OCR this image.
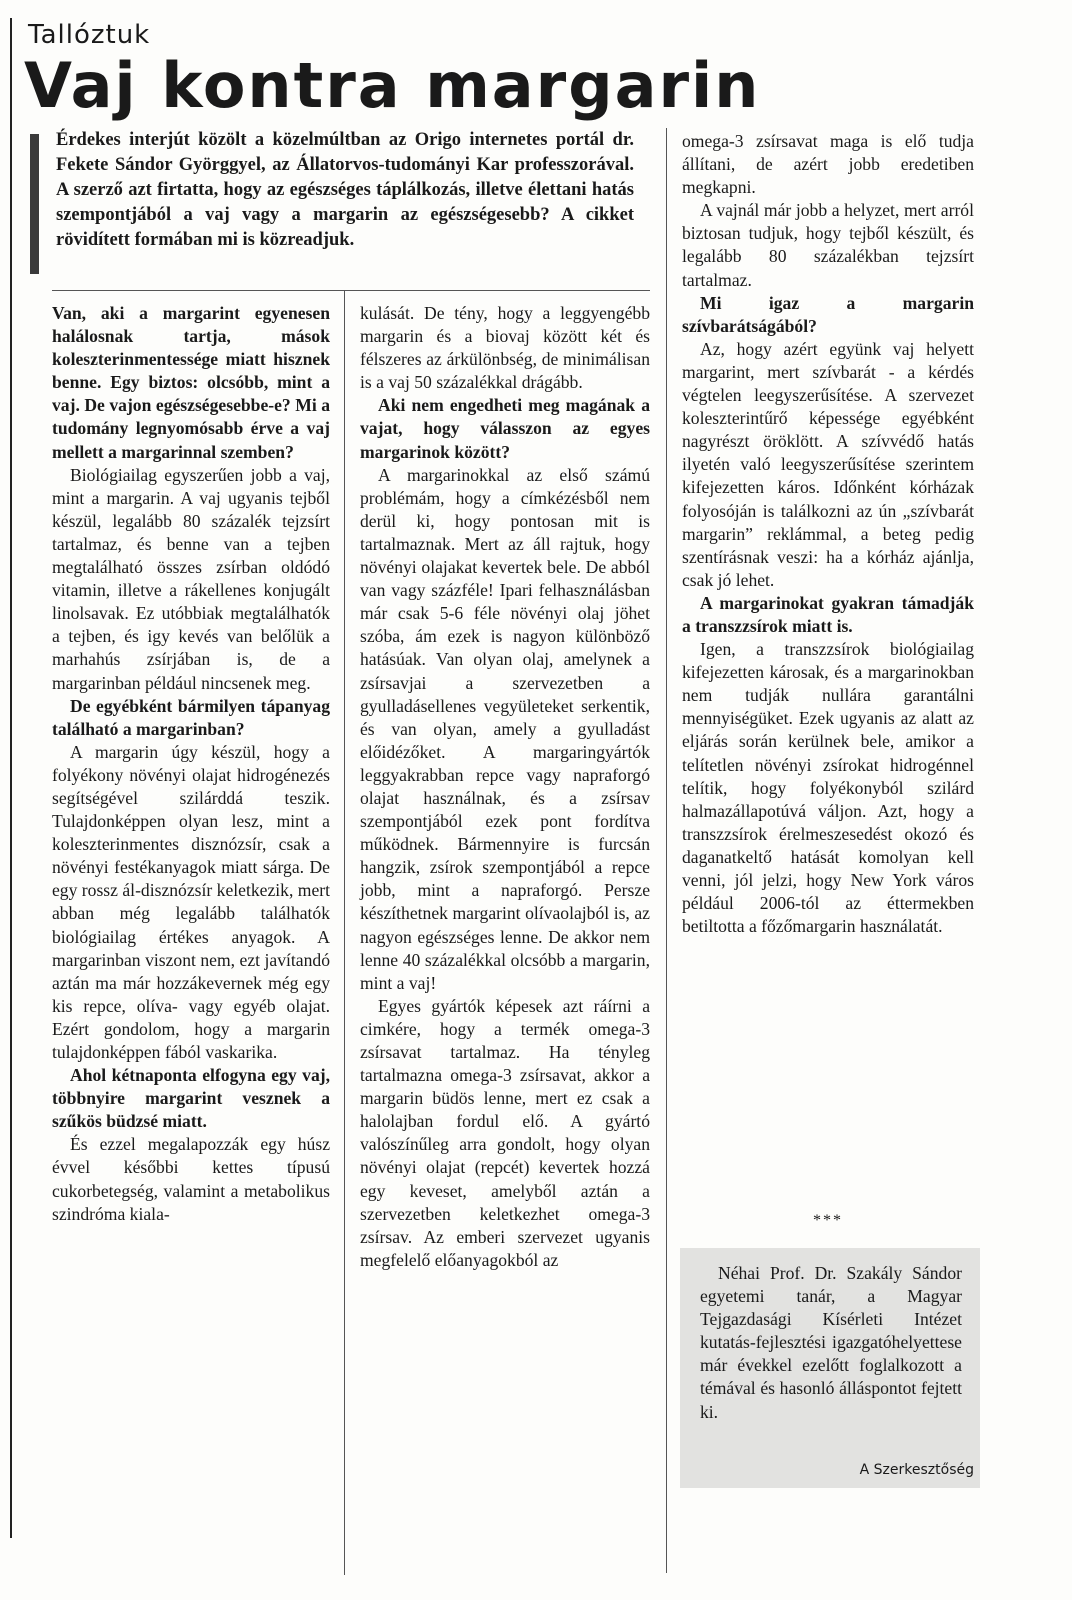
Tallóztuk
Vaj kontra margarin

Érdekes interjút közölt a közelmúltban az Origo internetes portál dr. Fekete Sándor Györggyel, az Állatorvos-tudományi Kar professzorával. A szerző azt firtatta, hogy az egészséges táplálkozás, illetve élettani hatás szempontjából a vaj vagy a margarin az egészségesebb? A cikket rövidített formában mi is közreadjuk.

Van, aki a margarint egyenesen halálosnak tartja, mások koleszterinmentessége miatt hisznek benne. Egy biztos: olcsóbb, mint a vaj. De vajon egészségesebbe-e? Mi a tudomány legnyomósabb érve a vaj mellett a margarinnal szemben?

Biológiailag egyszerűen jobb a vaj, mint a margarin. A vaj ugyanis tejből készül, legalább 80 százalék tejzsírt tartalmaz, és benne van a tejben megtalálható összes zsírban oldódó vitamin, illetve a rákellenes konjugált linolsavak. Ez utóbbiak megtalálhatók a tejben, és igy kevés van belőlük a marhahús zsírjában is, de a margarinban például nincsenek meg.

De egyébként bármilyen tápanyag található a margarinban?

A margarin úgy készül, hogy a folyékony növényi olajat hidrogénezés segítségével szilárddá teszik. Tulajdonképpen olyan lesz, mint a koleszterinmentes disznózsír, csak a növényi festékanyagok miatt sárga. De egy rossz ál-disznózsír keletkezik, mert abban még legalább találhatók biológiailag értékes anyagok. A margarinban viszont nem, ezt javítandó aztán ma már hozzákevernek még egy kis repce, olíva- vagy egyéb olajat. Ezért gondolom, hogy a margarin tulajdonképpen fából vaskarika.

Ahol kétnaponta elfogyna egy vaj, többnyire margarint vesznek a szűkös büdzsé miatt.

És ezzel megalapozzák egy húsz évvel későbbi kettes típusú cukorbetegség, valamint a metabolikus szindróma kiala-

kulását. De tény, hogy a leggyengébb margarin és a biovaj között két és félszeres az árkülönbség, de minimálisan is a vaj 50 százalékkal drágább.

Aki nem engedheti meg magának a vajat, hogy válasszon az egyes margarinok között?

A margarinokkal az első számú problémám, hogy a címkézésből nem derül ki, hogy pontosan mit is tartalmaznak. Mert az áll rajtuk, hogy növényi olajakat kevertek bele. De abból van vagy százféle! Ipari felhasználásban már csak 5-6 féle növényi olaj jöhet szóba, ám ezek is nagyon különböző hatásúak. Van olyan olaj, amelynek a zsírsavjai a szervezetben a gyulladásellenes vegyületeket serkentik, és van olyan, amely a gyulladást előidézőket. A margaringyártók leggyakrabban repce vagy napraforgó olajat használnak, és a zsírsav szempontjából ezek pont fordítva működnek. Bármennyire is furcsán hangzik, zsírok szempontjából a repce jobb, mint a napraforgó. Persze készíthetnek margarint olívaolajból is, az nagyon egészséges lenne. De akkor nem lenne 40 százalékkal olcsóbb a margarin, mint a vaj!

Egyes gyártók képesek azt ráírni a cimkére, hogy a termék omega-3 zsírsavat tartalmaz. Ha tényleg tartalmazna omega-3 zsírsavat, akkor a margarin büdös lenne, mert ez csak a halolajban fordul elő. A gyártó valószínűleg arra gondolt, hogy olyan növényi olajat (repcét) kevertek hozzá egy keveset, amelyből aztán a szervezetben keletkezhet omega-3 zsírsav. Az emberi szervezet ugyanis megfelelő előanyagokból az

omega-3 zsírsavat maga is elő tudja állítani, de azért jobb eredetiben megkapni.

A vajnál már jobb a helyzet, mert arról biztosan tudjuk, hogy tejből készült, és legalább 80 százalékban tejzsírt tartalmaz.

Mi igaz a margarin szívbarátságából?

Az, hogy azért együnk vaj helyett margarint, mert szívbarát - a kérdés végtelen leegyszerűsítése. A szervezet koleszterintűrő képessége egyébként nagyrészt öröklött. A szívvédő hatás ilyetén való leegyszerűsítése szerintem kifejezetten káros. Időnként kórházak folyosóján is találkozni az ún „szívbarát margarin” reklámmal, a beteg pedig szentírásnak veszi: ha a kórház ajánlja, csak jó lehet.

A margarinokat gyakran támadják a transzzsírok miatt is.

Igen, a transzzsírok biológiailag kifejezetten károsak, és a margarinokban nem tudják nullára garantálni mennyiségüket. Ezek ugyanis az alatt az eljárás során kerülnek bele, amikor a telítetlen növényi zsírokat hidrogénnel telítik, hogy folyékonyból szilárd halmazállapotúvá váljon. Azt, hogy a transzzsírok érelmeszesedést okozó és daganatkeltő hatását komolyan kell venni, jól jelzi, hogy New York város például 2006-tól az éttermekben betiltotta a főzőmargarin használatát.

***

Néhai Prof. Dr. Szakály Sándor egyetemi tanár, a Magyar Tejgazdasági Kísérleti Intézet kutatás-fejlesztési igazgatóhelyettese már évekkel ezelőtt foglalkozott a témával és hasonló álláspontot fejtett ki.

A Szerkesztőség
